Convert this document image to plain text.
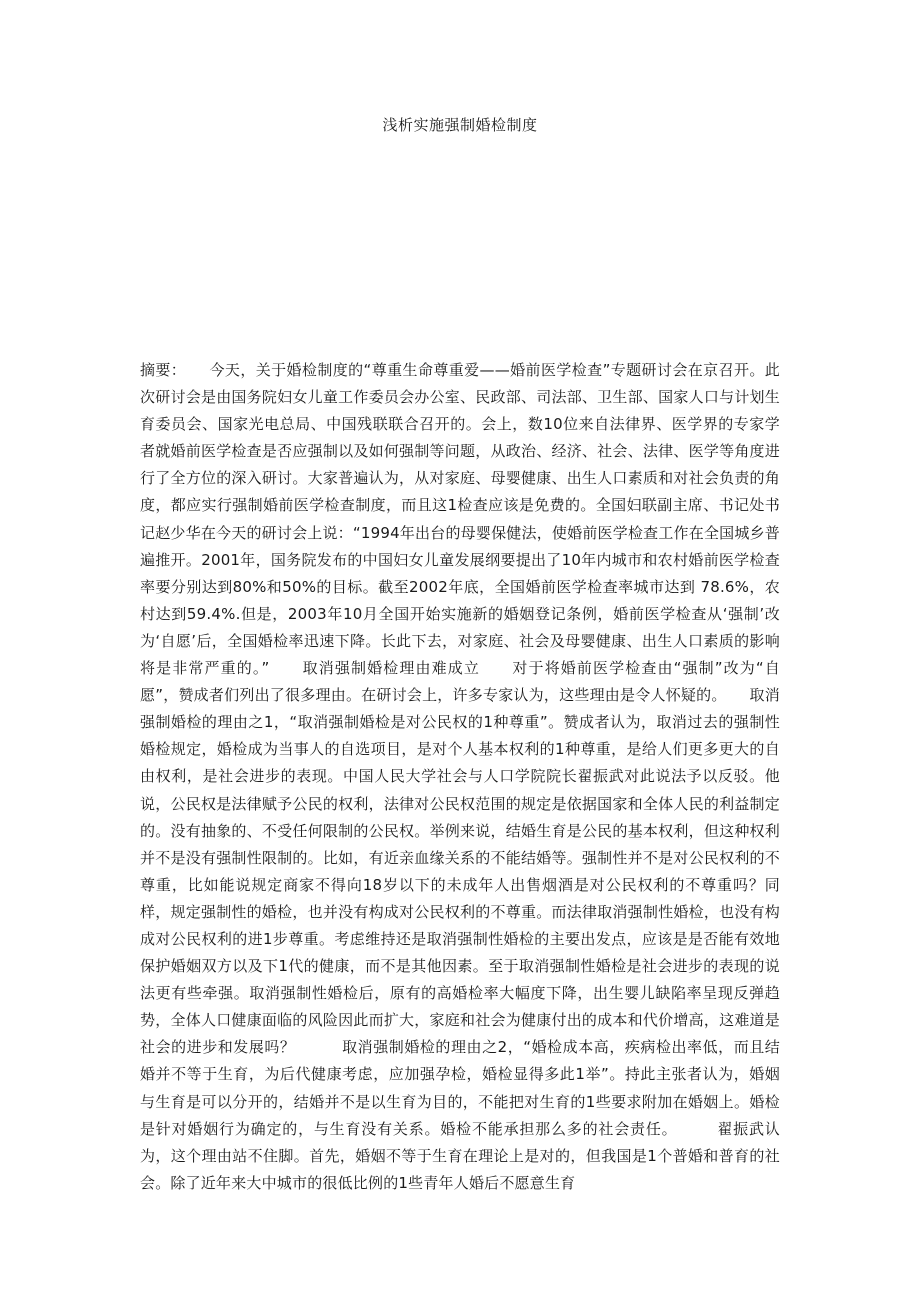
浅析实施强制婚检制度

摘要：　　今天，关于婚检制度的“尊重生命尊重爱——婚前医学检查”专题研讨会在京召开。此次研讨会是由国务院妇女儿童工作委员会办公室、民政部、司法部、卫生部、国家人口与计划生育委员会、国家光电总局、中国残联联合召开的。会上，数10位来自法律界、医学界的专家学者就婚前医学检查是否应强制以及如何强制等问题，从政治、经济、社会、法律、医学等角度进行了全方位的深入研讨。大家普遍认为，从对家庭、母婴健康、出生人口素质和对社会负责的角度，都应实行强制婚前医学检查制度，而且这1检查应该是免费的。全国妇联副主席、书记处书记赵少华在今天的研讨会上说：“1994年出台的母婴保健法，使婚前医学检查工作在全国城乡普遍推开。2001年，国务院发布的中国妇女儿童发展纲要提出了10年内城市和农村婚前医学检查率要分别达到80%和50%的目标。截至2002年底，全国婚前医学检查率城市达到 78.6%，农村达到59.4%.但是，2003年10月全国开始实施新的婚姻登记条例，婚前医学检查从‘强制’改为‘自愿’后，全国婚检率迅速下降。长此下去，对家庭、社会及母婴健康、出生人口素质的影响将是非常严重的。”　　取消强制婚检理由难成立　　对于将婚前医学检查由“强制”改为“自愿”，赞成者们列出了很多理由。在研讨会上，许多专家认为，这些理由是令人怀疑的。　　取消强制婚检的理由之1，“取消强制婚检是对公民权的1种尊重”。赞成者认为，取消过去的强制性婚检规定，婚检成为当事人的自选项目，是对个人基本权利的1种尊重，是给人们更多更大的自由权利，是社会进步的表现。中国人民大学社会与人口学院院长翟振武对此说法予以反驳。他说，公民权是法律赋予公民的权利，法律对公民权范围的规定是依据国家和全体人民的利益制定的。没有抽象的、不受任何限制的公民权。举例来说，结婚生育是公民的基本权利，但这种权利并不是没有强制性限制的。比如，有近亲血缘关系的不能结婚等。强制性并不是对公民权利的不尊重，比如能说规定商家不得向18岁以下的未成年人出售烟酒是对公民权利的不尊重吗？同样，规定强制性的婚检，也并没有构成对公民权利的不尊重。而法律取消强制性婚检，也没有构成对公民权利的进1步尊重。考虑维持还是取消强制性婚检的主要出发点，应该是是否能有效地保护婚姻双方以及下1代的健康，而不是其他因素。至于取消强制性婚检是社会进步的表现的说法更有些牵强。取消强制性婚检后，原有的高婚检率大幅度下降，出生婴儿缺陷率呈现反弹趋势，全体人口健康面临的风险因此而扩大，家庭和社会为健康付出的成本和代价增高，这难道是社会的进步和发展吗？　　　取消强制婚检的理由之2，“婚检成本高，疾病检出率低，而且结婚并不等于生育，为后代健康考虑，应加强孕检，婚检显得多此1举”。持此主张者认为，婚姻与生育是可以分开的，结婚并不是以生育为目的，不能把对生育的1些要求附加在婚姻上。婚检是针对婚姻行为确定的，与生育没有关系。婚检不能承担那么多的社会责任。　　　翟振武认为，这个理由站不住脚。首先，婚姻不等于生育在理论上是对的，但我国是1个普婚和普育的社会。除了近年来大中城市的很低比例的1些青年人婚后不愿意生育
